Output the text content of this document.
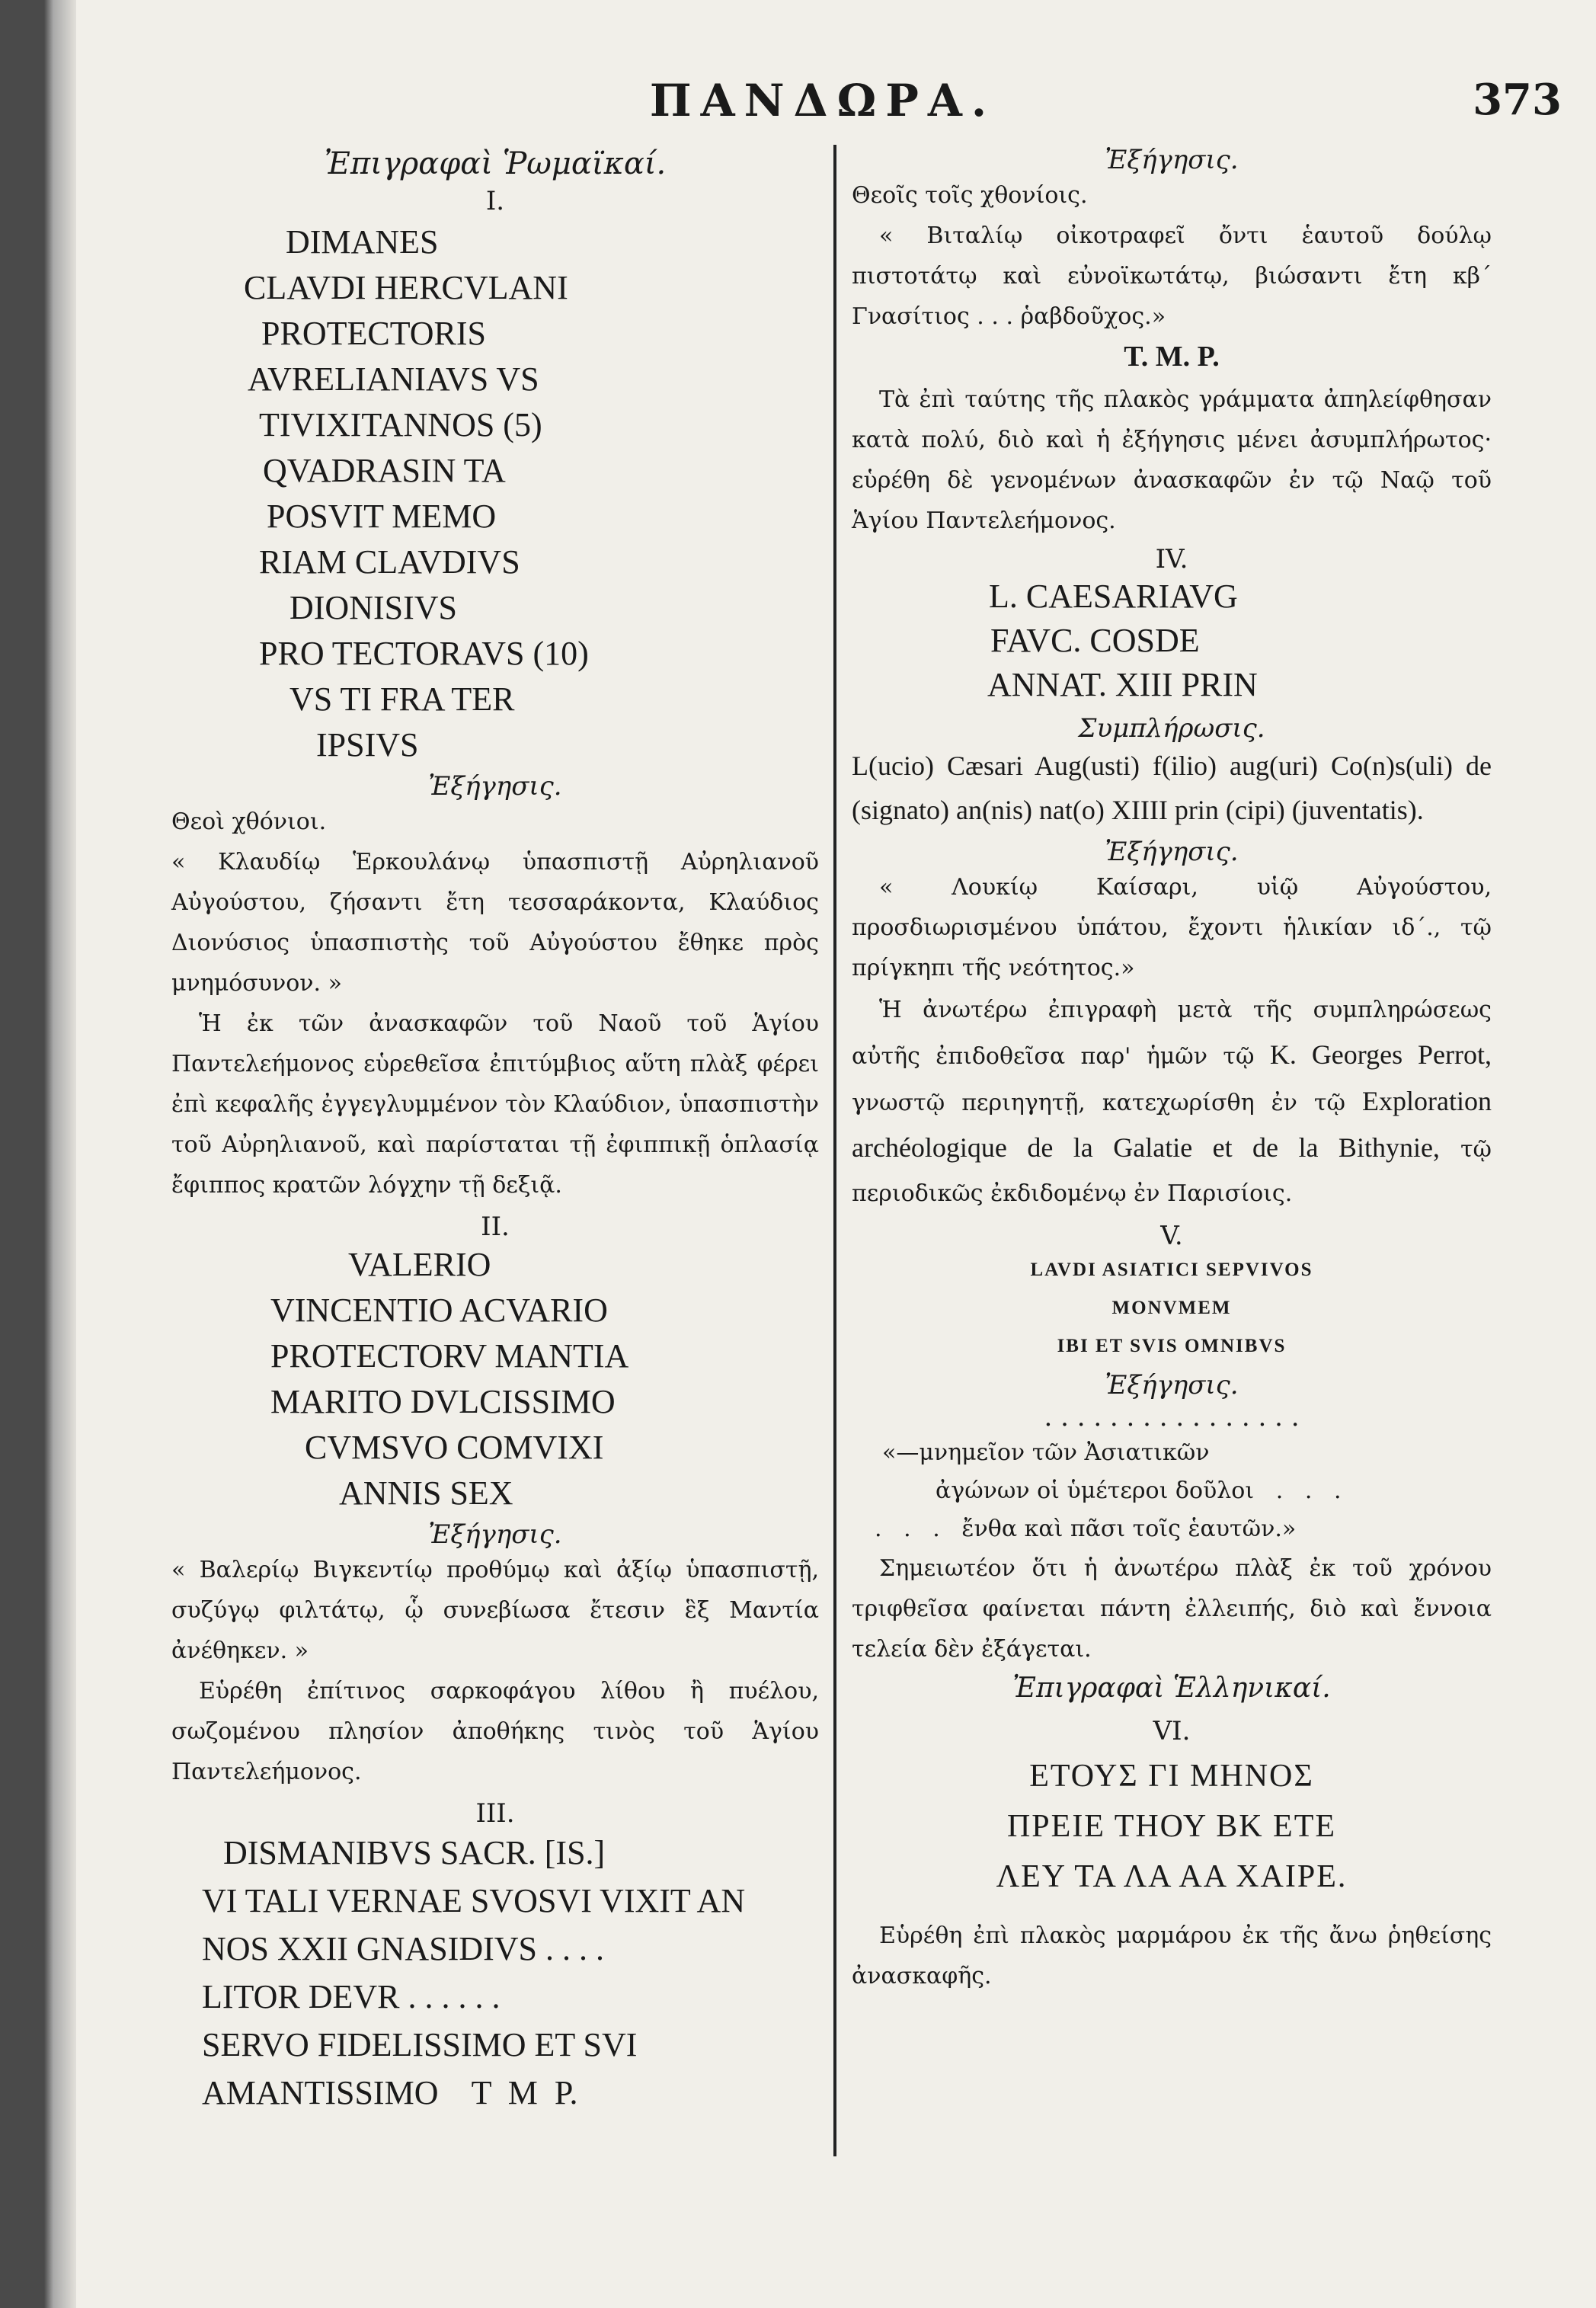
ΠΑΝΔΩΡΑ.	373
Ἐπιγραφαὶ Ῥωμαϊκαί.
I.

DIMANES

CLAVDI HERCVLANI

PROTECTORIS

AVRELIANIAVS VS

TIVIXITANNOS (5)

QVADRASIN TA

POSVIT MEMO

RIAM CLAVDIVS

DIONISIVS

PRO TECTORAVS (10)

VS TI FRA TER

IPSIVS

Ἐξήγησις.
Θεοὶ χθόνιοι.

« Κλαυδίῳ Ἑρκουλάνῳ ὑπασπιστῇ Αὐρηλιανοῦ Αὐγούστου, ζήσαντι ἔτη τεσσαράκοντα, Κλαύδιος Διονύσιος ὑπασπιστὴς τοῦ Αὐγούστου ἔθηκε πρὸς μνημόσυνον. »

Ἡ ἐκ τῶν ἀνασκαφῶν τοῦ Ναοῦ τοῦ Ἁγίου Παντελεήμονος εὑρεθεῖσα ἐπιτύμβιος αὕτη πλὰξ φέρει ἐπὶ κεφαλῆς ἐγγεγλυμμένον τὸν Κλαύδιον, ὑπασπιστὴν τοῦ Αὐρηλιανοῦ, καὶ παρίσταται τῇ ἐφιππικῇ ὁπλασίᾳ ἔφιππος κρατῶν λόγχην τῇ δεξιᾷ.

II.

VALERIO

VINCENTIO ACVARIO

PROTECTORV MANTIA

MARITO DVLCISSIMO

CVMSVO COMVIXI

ANNIS SEX

Ἐξήγησις.

« Βαλερίῳ Βιγκεντίῳ προθύμῳ καὶ ἀξίῳ ὑπασπιστῇ, συζύγῳ φιλτάτῳ, ᾧ συνεβίωσα ἔτεσιν ἓξ Μαντία ἀνέθηκεν. »

Εὑρέθη ἐπίτινος σαρκοφάγου λίθου ἢ πυέλου, σωζομένου πλησίον ἀποθήκης τινὸς τοῦ Ἁγίου Παντελεήμονος.

III.

DISMANIBVS SACR. [IS.]

VI TALI VERNAE SVOSVI VIXIT AN

NOS XXII GNASIDIVS . . . .

LITOR DEVR . . . . . .

SERVO FIDELISSIMO ET SVI

AMANTISSIMO    T  M  P.

Ἐξήγησις.
Θεοῖς τοῖς χθονίοις.

« Βιταλίῳ οἰκοτραφεῖ ὄντι ἑαυτοῦ δούλῳ πιστοτάτῳ καὶ εὐνοϊκωτάτῳ, βιώσαντι ἔτη κβ΄ Γνασίτιος . . . ῥαβδοῦχος.»

T. M. P.

Τὰ ἐπὶ ταύτης τῆς πλακὸς γράμματα ἀπηλείφθησαν κατὰ πολύ, διὸ καὶ ἡ ἐξήγησις μένει ἀσυμπλήρωτος· εὑρέθη δὲ γενομένων ἀνασκαφῶν ἐν τῷ Ναῷ τοῦ Ἁγίου Παντελεήμονος.

IV.

L. CAESARIAVG

FAVC. COSDE

ANNAT. XIII PRIN

Συμπλήρωσις.

L(ucio) Cæsari Aug(usti) f(ilio) aug(uri) Co(n)s(uli) de (signato) an(nis) nat(o) XIIII prin (cipi) (juventatis).

Ἐξήγησις.

« Λουκίῳ Καίσαρι, υἱῷ Αὐγούστου, προσδιωρισμένου ὑπάτου, ἔχοντι ἡλικίαν ιδ΄., τῷ πρίγκηπι τῆς νεότητος.»

Ἡ ἀνωτέρω ἐπιγραφὴ μετὰ τῆς συμπληρώσεως αὐτῆς ἐπιδοθεῖσα παρ' ἡμῶν τῷ K. Georges Perrot, γνωστῷ περιηγητῇ, κατεχωρίσθη ἐν τῷ Exploration archéologique de la Galatie et de la Bithynie, τῷ περιοδικῶς ἐκδιδομένῳ ἐν Παρισίοις.

V.
LAVDI ASIATICI SEPVIVOS
MONVMEM
IBI ET SVIS OMNIBVS
Ἐξήγησις.
. . . . . . . . . . . . . . . .

«—μνημεῖον τῶν Ἀσιατικῶν

ἀγώνων οἱ ὑμέτεροι δοῦλοι   .   .   .

.   .   .   ἔνθα καὶ πᾶσι τοῖς ἑαυτῶν.»

Σημειωτέον ὅτι ἡ ἀνωτέρω πλὰξ ἐκ τοῦ χρόνου τριφθεῖσα φαίνεται πάντη ἐλλειπής, διὸ καὶ ἔννοια τελεία δὲν ἐξάγεται.

Ἐπιγραφαὶ Ἑλληνικαί.
VI.
ΕΤΟΥΣ ΓΙ ΜΗΝΟΣ
ΠΡΕΙΕ ΤΗΟΥ ΒΚ ΕΤΕ
ΛΕΥ ΤΑ ΛΑ ΑΑ ΧΑΙΡΕ.

Εὑρέθη ἐπὶ πλακὸς μαρμάρου ἐκ τῆς ἄνω ῥηθείσης ἀνασκαφῆς.
